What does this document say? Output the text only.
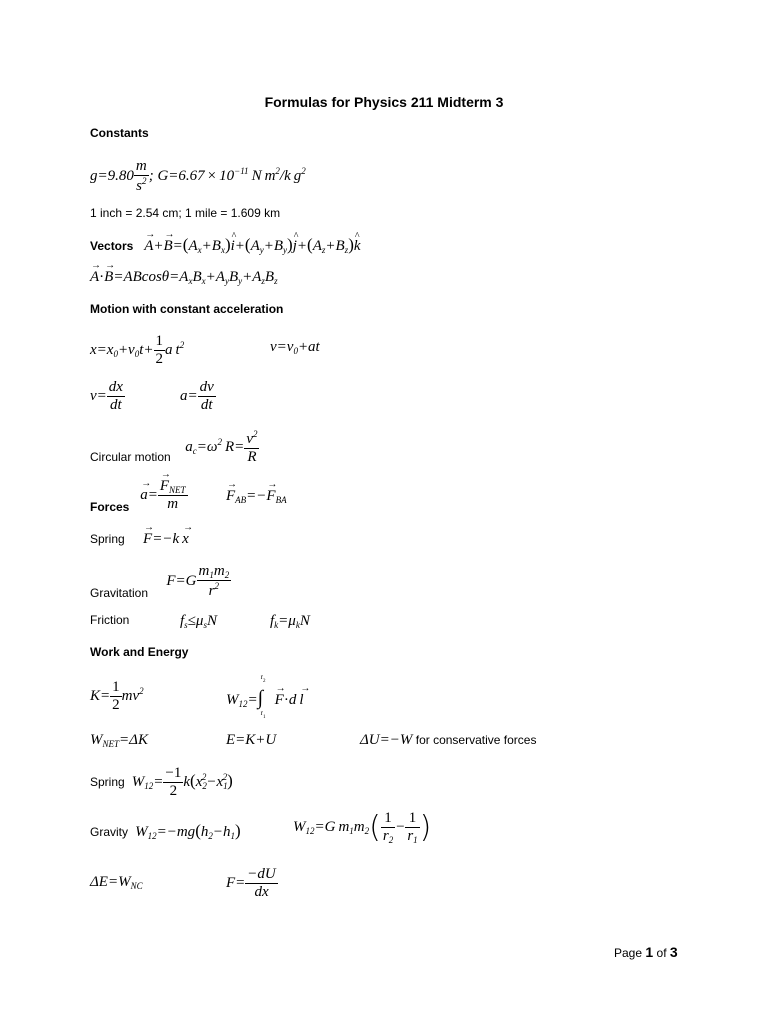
Formulas for Physics 211 Midterm 3
Constants
$g=9.80 \frac{m}{s^2}$ ; $G=6.67 \times 10^{-11}$ N $m^2/k$ $g^2$
1 inch = 2.54 cm; 1 mile = 1.609 km
Vectors   → $A+\to B=(A_x+B_x)\^{}$ $i+(A_y+B_y)\^{}$ $j+(A_z+B_z)\^{}$ k
→ $A\cdot\to B=ABcos\theta=A_xB_x+A_yB_y+A_zB_z$
Motion with constant acceleration
$x=x_0+v_0t+ \frac{1}{2}$ a $t^2$	$v=v_0+at$
$v= \frac{dx}{dt}$	$a= \frac{dv}{dt}$
Circular motion    $a_c=\omega^2$ $R= \frac{v^2}{R}$
Forces   → a=
→ $\frac{F_{NET}}{m}$
→	$F_{AB}=-\to F_{BA}$
Spring     → F=−k → x
Gravitation     $F=G \frac{m_1m_2}{r^2}$
Friction	$f_s\le\mu_sN$	$f_k=\mu_kN$
Work and Energy
$K= \frac{1}{2} mv^2$
$W_{12}=$
$r_2$
∫
$r_1$
 → F·d → l
$W_{NET}=\Delta K$	E=K+U	ΔU=−W for conservative forces
Spring  $W_{12}= \frac{-1}{2} k(x_2^2-x_1^2)$
Gravity  $W_{12}=-mg(h_2-h_1)$	$W_{12}=G$ $m_1m_2( \frac{1}{r_2} - \frac{1}{r_1}$ )
$\Delta E=W_{NC}$	$F= \frac{-dU}{dx}$
Page 1 of 3
